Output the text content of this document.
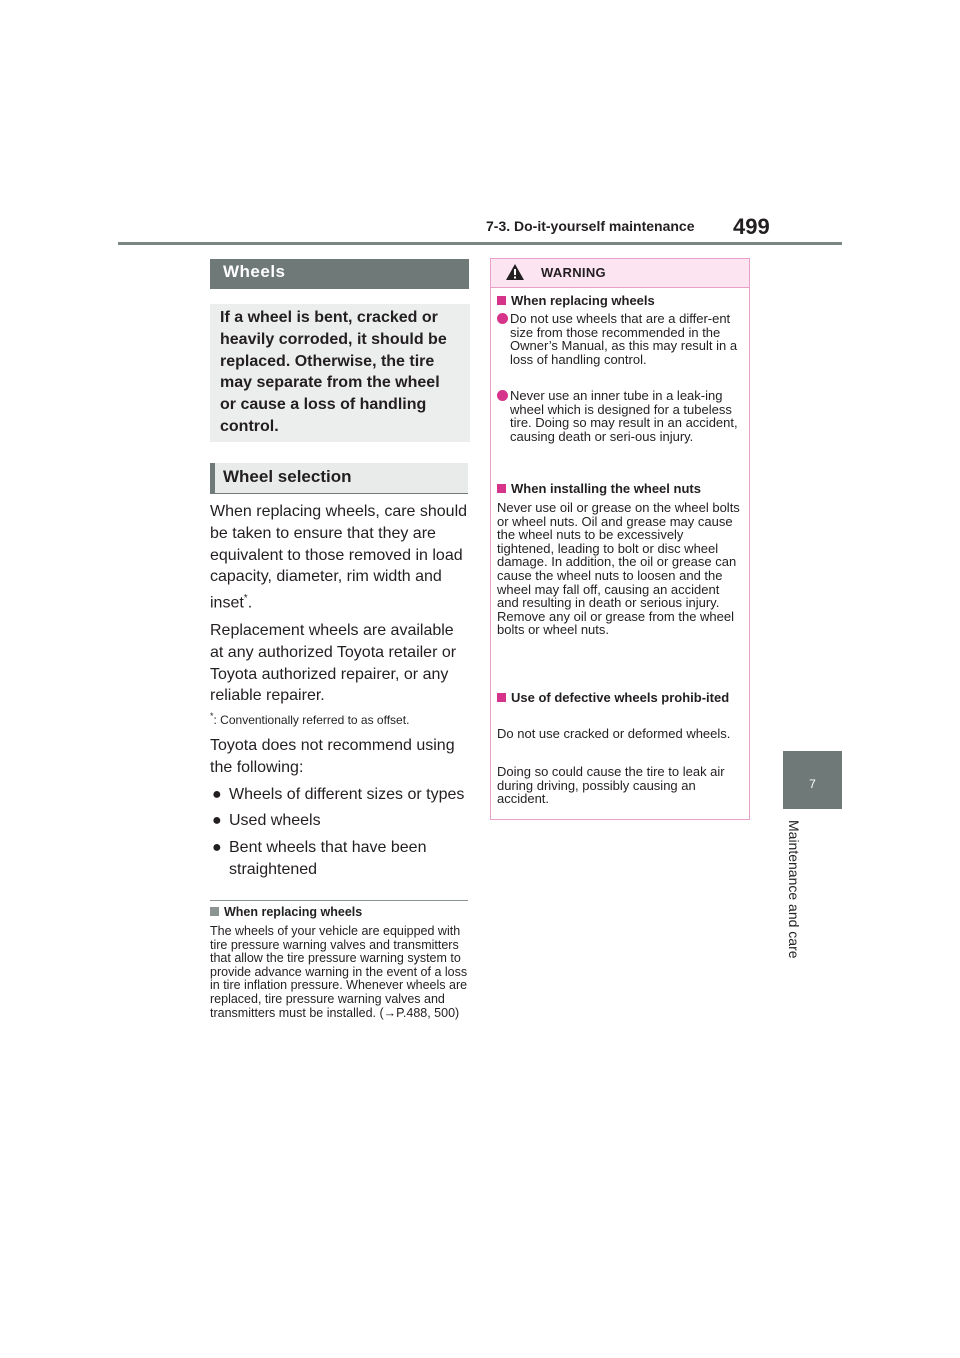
7-3. Do-it-yourself maintenance 499
7
Maintenance and care
Wheels

If a wheel is bent, cracked or heavily corroded, it should be replaced. Otherwise, the tire may separate from the wheel or cause a loss of handling control.

Wheel selection

When replacing wheels, care should be taken to ensure that they are equivalent to those removed in load capacity, diameter, rim width and inset*.

Replacement wheels are available at any authorized Toyota retailer or Toyota authorized repairer, or any reliable repairer.

*: Conventionally referred to as offset.

Toyota does not recommend using the following:

● Wheels of different sizes or types
● Used wheels
● Bent wheels that have been straightened
When replacing wheels

The wheels of your vehicle are equipped with tire pressure warning valves and transmitters that allow the tire pressure warning system to provide advance warning in the event of a loss in tire inflation pressure. Whenever wheels are replaced, tire pressure warning valves and transmitters must be installed. (→P.488, 500)

WARNING
When replacing wheels

Do not use wheels that are a differ-ent size from those recommended in the Owner’s Manual, as this may result in a loss of handling control.

Never use an inner tube in a leak-ing wheel which is designed for a tubeless tire. Doing so may result in an accident, causing death or seri-ous injury.

When installing the wheel nuts

Never use oil or grease on the wheel bolts or wheel nuts. Oil and grease may cause the wheel nuts to be excessively tightened, leading to bolt or disc wheel damage. In addition, the oil or grease can cause the wheel nuts to loosen and the wheel may fall off, causing an accident and resulting in death or serious injury. Remove any oil or grease from the wheel bolts or wheel nuts.

Use of defective wheels prohib-ited

Do not use cracked or deformed wheels.

Doing so could cause the tire to leak air during driving, possibly causing an accident.
